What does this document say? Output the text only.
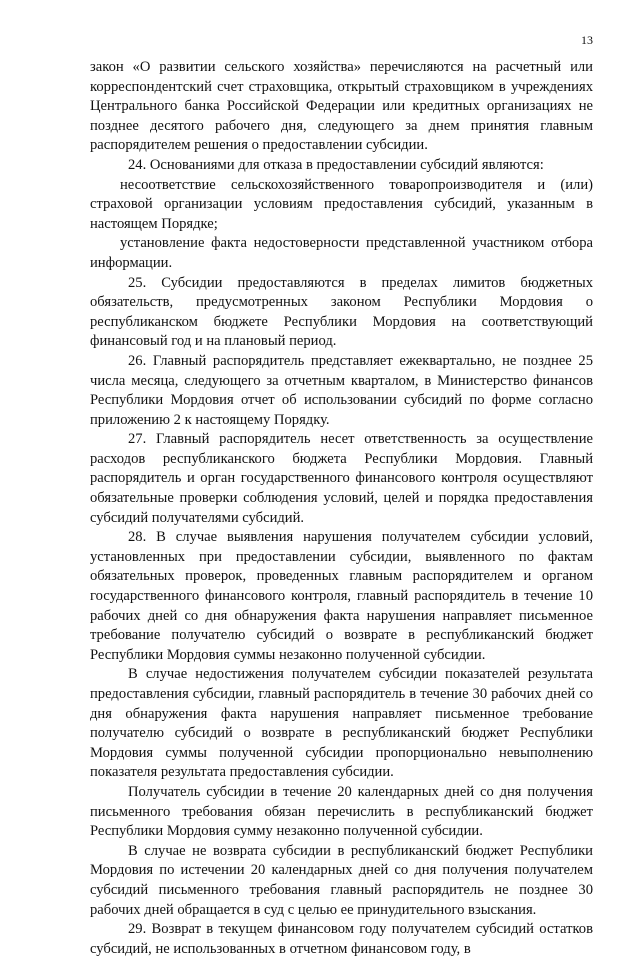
13

закон «О развитии сельского хозяйства» перечисляются на расчетный или корреспондентский счет страховщика, открытый страховщиком в учреждениях Центрального банка Российской Федерации или кредитных организациях не позднее десятого рабочего дня, следующего за днем принятия главным распорядителем решения о предоставлении субсидии.

24. Основаниями для отказа в предоставлении субсидий являются:

несоответствие сельскохозяйственного товаропроизводителя и (или) страховой организации условиям предоставления субсидий, указанным в настоящем Порядке;

установление факта недостоверности представленной участником отбора информации.

25. Субсидии предоставляются в пределах лимитов бюджетных обязательств, предусмотренных законом Республики Мордовия о республиканском бюджете Республики Мордовия на соответствующий финансовый год и на плановый период.

26. Главный распорядитель представляет ежеквартально, не позднее 25 числа месяца, следующего за отчетным кварталом, в Министерство финансов Республики Мордовия отчет об использовании субсидий по форме согласно приложению 2 к настоящему Порядку.

27. Главный распорядитель несет ответственность за осуществление расходов республиканского бюджета Республики Мордовия. Главный распорядитель и орган государственного финансового контроля осуществляют обязательные проверки соблюдения условий, целей и порядка предоставления субсидий получателями субсидий.

28. В случае выявления нарушения получателем субсидии условий, установленных при предоставлении субсидии, выявленного по фактам обязательных проверок, проведенных главным распорядителем и органом государственного финансового контроля, главный распорядитель в течение 10 рабочих дней со дня обнаружения факта нарушения направляет письменное требование получателю субсидий о возврате в республиканский бюджет Республики Мордовия суммы незаконно полученной субсидии.

В случае недостижения получателем субсидии показателей результата предоставления субсидии, главный распорядитель в течение 30 рабочих дней со дня обнаружения факта нарушения направляет письменное требование получателю субсидий о возврате в республиканский бюджет Республики Мордовия суммы полученной субсидии пропорционально невыполнению показателя результата предоставления субсидии.

Получатель субсидии в течение 20 календарных дней со дня получения письменного требования обязан перечислить в республиканский бюджет Республики Мордовия сумму незаконно полученной субсидии.

В случае не возврата субсидии в республиканский бюджет Республики Мордовия по истечении 20 календарных дней со дня получения получателем субсидий письменного требования главный распорядитель не позднее 30 рабочих дней обращается в суд с целью ее принудительного взыскания.

29. Возврат в текущем финансовом году получателем субсидий остатков субсидий, не использованных в отчетном финансовом году, в
